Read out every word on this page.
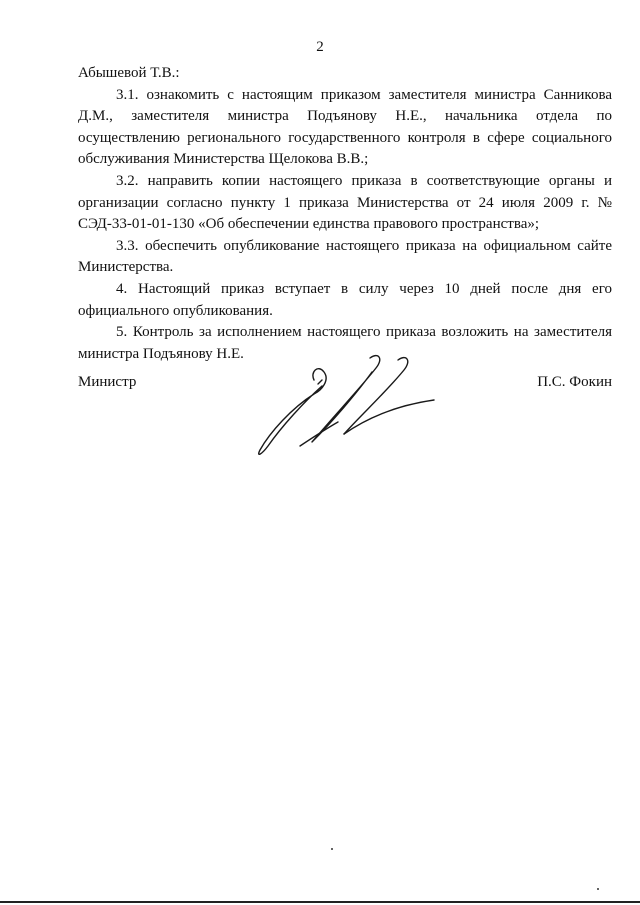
2

Абышевой Т.В.:

3.1. ознакомить с настоящим приказом заместителя министра Санникова Д.М., заместителя министра Подъянову Н.Е., начальника отдела по осуществлению регионального государственного контроля в сфере социального обслуживания Министерства Щелокова В.В.;

3.2. направить копии настоящего приказа в соответствующие органы и организации согласно пункту 1 приказа Министерства от 24 июля 2009 г. № СЭД-33-01-01-130 «Об обеспечении единства правового пространства»;

3.3. обеспечить опубликование настоящего приказа на официальном сайте Министерства.

4. Настоящий приказ вступает в силу через 10 дней после дня его официального опубликования.

5. Контроль за исполнением настоящего приказа возложить на заместителя министра Подъянову Н.Е.

Министр	П.С. Фокин
